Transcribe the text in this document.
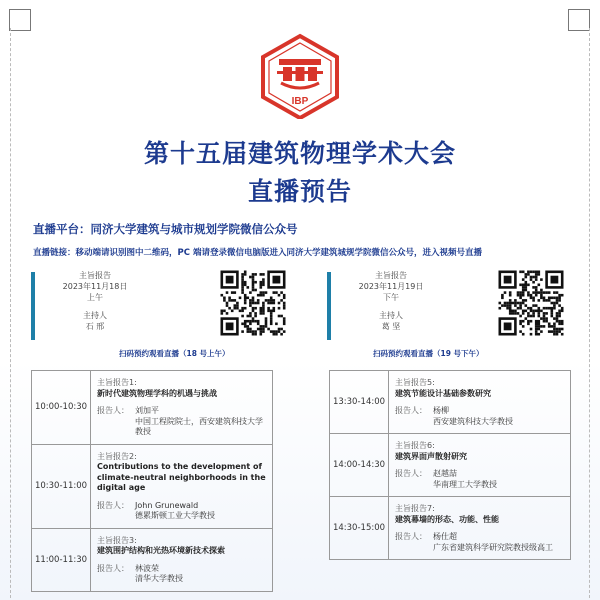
IBP
第十五届建筑物理学术大会
直播预告
直播平台：同济大学建筑与城市规划学院微信公众号
直播链接：移动端请识别图中二维码，PC 端请登录微信电脑版进入同济大学建筑城规学院微信公众号，进入视频号直播
主旨报告
2023年11月18日
上午
主持人
石 邢
扫码预约观看直播（18 号上午）
主旨报告
2023年11月19日
下午
主持人
葛 坚
扫码预约观看直播（19 号下午）
10:00-10:30
主旨报告1:
新时代建筑物理学科的机遇与挑战
报告人： 刘加平
中国工程院院士，西安建筑科技大学教授
10:30-11:00
主旨报告2:
Contributions to the development of climate-neutral neighborhoods in the digital age
报告人： John Grunewald
德累斯顿工业大学教授
11:00-11:30
主旨报告3:
建筑围护结构和光热环境新技术探索
报告人： 林波荣
清华大学教授
13:30-14:00
主旨报告5:
建筑节能设计基础参数研究
报告人： 杨柳
西安建筑科技大学教授
14:00-14:30
主旨报告6:
建筑界面声散射研究
报告人： 赵越喆
华南理工大学教授
14:30-15:00
主旨报告7:
建筑幕墙的形态、功能、性能
报告人： 杨仕超
广东省建筑科学研究院教授级高工
